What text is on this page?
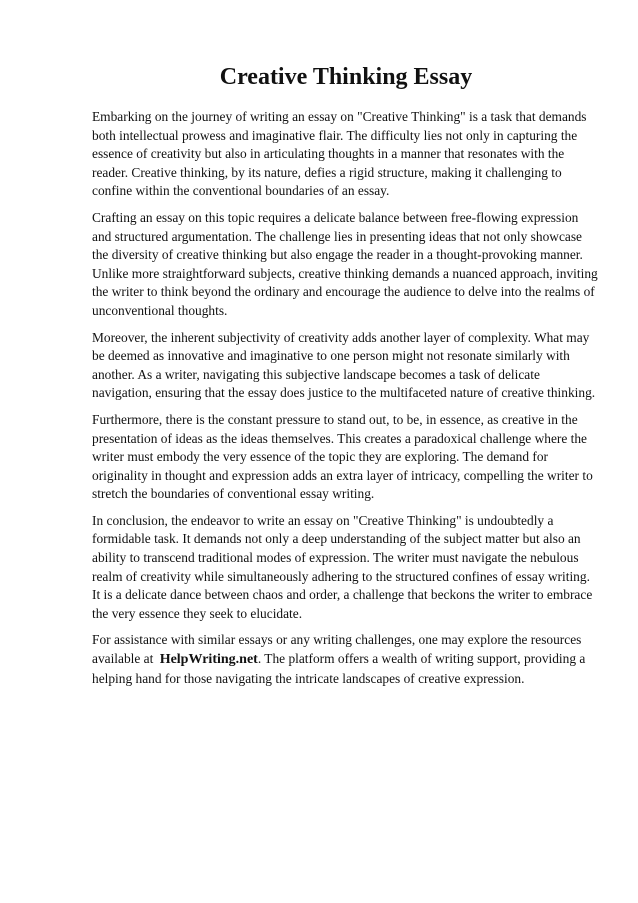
Creative Thinking Essay

Embarking on the journey of writing an essay on "Creative Thinking" is a task that demands both intellectual prowess and imaginative flair. The difficulty lies not only in capturing the essence of creativity but also in articulating thoughts in a manner that resonates with the reader. Creative thinking, by its nature, defies a rigid structure, making it challenging to confine within the conventional boundaries of an essay.

Crafting an essay on this topic requires a delicate balance between free-flowing expression and structured argumentation. The challenge lies in presenting ideas that not only showcase the diversity of creative thinking but also engage the reader in a thought-provoking manner. Unlike more straightforward subjects, creative thinking demands a nuanced approach, inviting the writer to think beyond the ordinary and encourage the audience to delve into the realms of unconventional thoughts.

Moreover, the inherent subjectivity of creativity adds another layer of complexity. What may be deemed as innovative and imaginative to one person might not resonate similarly with another. As a writer, navigating this subjective landscape becomes a task of delicate navigation, ensuring that the essay does justice to the multifaceted nature of creative thinking.

Furthermore, there is the constant pressure to stand out, to be, in essence, as creative in the presentation of ideas as the ideas themselves. This creates a paradoxical challenge where the writer must embody the very essence of the topic they are exploring. The demand for originality in thought and expression adds an extra layer of intricacy, compelling the writer to stretch the boundaries of conventional essay writing.

In conclusion, the endeavor to write an essay on "Creative Thinking" is undoubtedly a formidable task. It demands not only a deep understanding of the subject matter but also an ability to transcend traditional modes of expression. The writer must navigate the nebulous realm of creativity while simultaneously adhering to the structured confines of essay writing. It is a delicate dance between chaos and order, a challenge that beckons the writer to embrace the very essence they seek to elucidate.

For assistance with similar essays or any writing challenges, one may explore the resources available at HelpWriting.net. The platform offers a wealth of writing support, providing a helping hand for those navigating the intricate landscapes of creative expression.
